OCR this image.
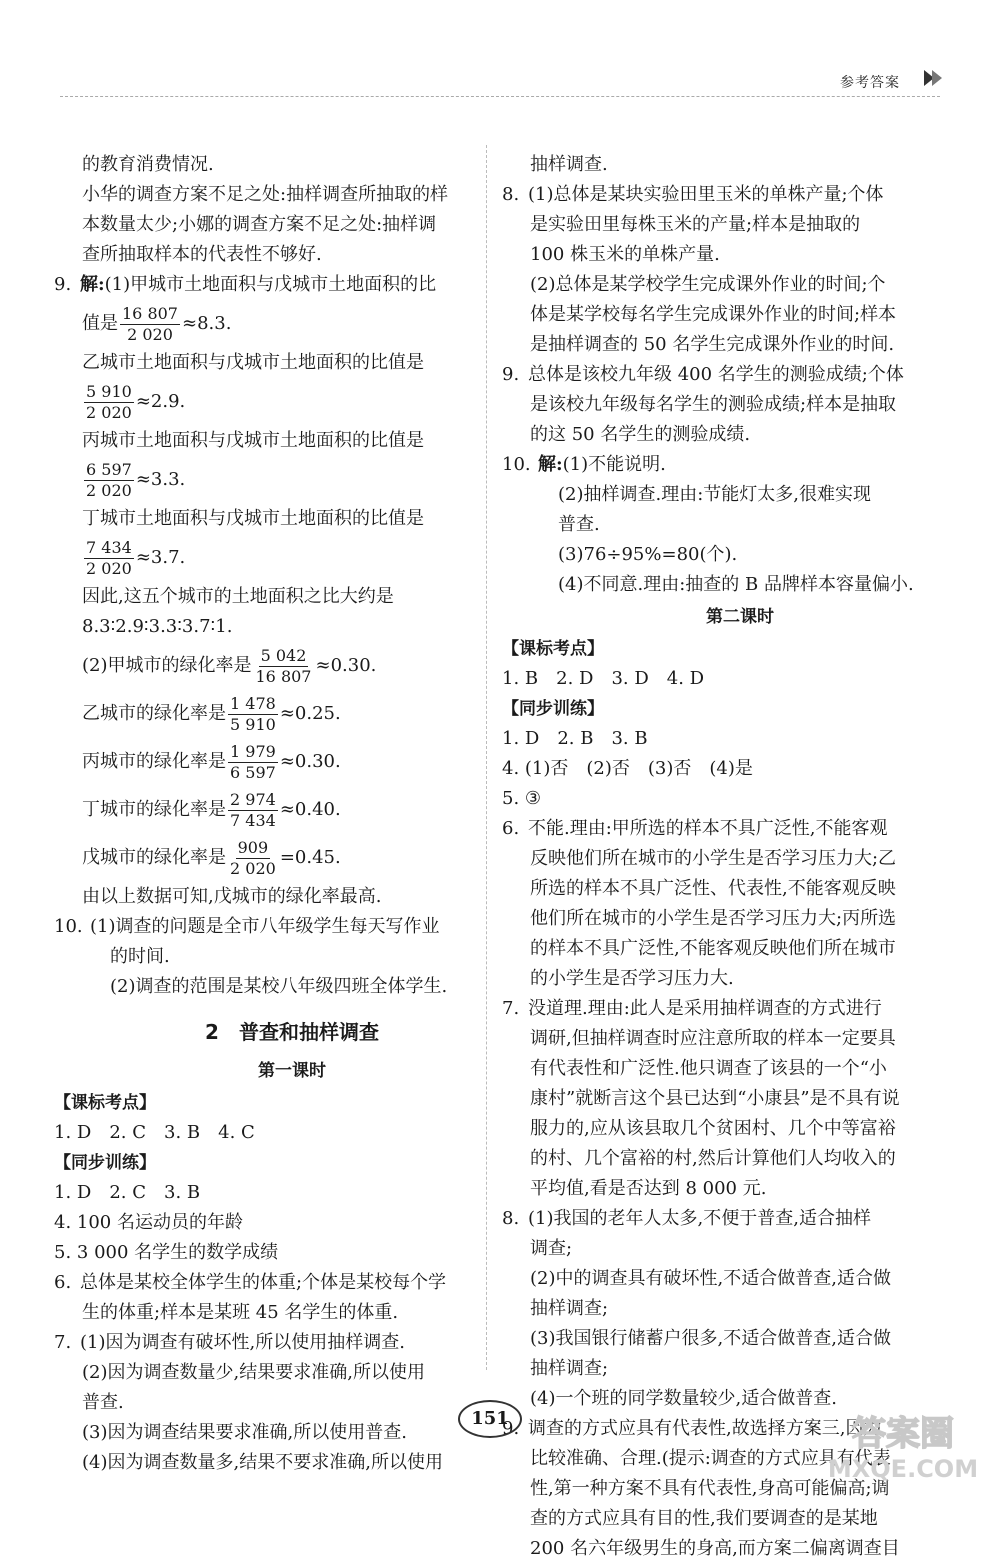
参考答案
的教育消费情况.
小华的调查方案不足之处:抽样调查所抽取的样
本数量太少;小娜的调查方案不足之处:抽样调
查所抽取样本的代表性不够好.
9. 解:(1)甲城市土地面积与戊城市土地面积的比
值是 $\frac{16 807}{2 020} \approx 8.3$.
乙城市土地面积与戊城市土地面积的比值是
$\frac{5 910}{2 020} \approx 2.9$.
丙城市土地面积与戊城市土地面积的比值是
$\frac{6 597}{2 020} \approx 3.3$.
丁城市土地面积与戊城市土地面积的比值是
$\frac{7 434}{2 020} \approx 3.7$.
因此,这五个城市的土地面积之比大约是
8.3∶2.9∶3.3∶3.7∶1.
(2)甲城市的绿化率是 $\frac{5 042}{16 807} \approx 0.30$.
乙城市的绿化率是 $\frac{1 478}{5 910} \approx 0.25$.
丙城市的绿化率是 $\frac{1 979}{6 597} \approx 0.30$.
丁城市的绿化率是 $\frac{2 974}{7 434} \approx 0.40$.
戊城市的绿化率是 $\frac{909}{2 020} =0.45$.
由以上数据可知,戊城市的绿化率最高.
10. (1)调查的问题是全市八年级学生每天写作业
的时间.
(2)调查的范围是某校八年级四班全体学生.
2　普查和抽样调查
第一课时
【课标考点】
1. D　2. C　3. B　4. C
【同步训练】
1. D　2. C　3. B
4. 100 名运动员的年龄
5. 3 000 名学生的数学成绩
6. 总体是某校全体学生的体重;个体是某校每个学
生的体重;样本是某班 45 名学生的体重.
7. (1)因为调查有破坏性,所以使用抽样调查.
(2)因为调查数量少,结果要求准确,所以使用
普查.
(3)因为调查结果要求准确,所以使用普查.
(4)因为调查数量多,结果不要求准确,所以使用
抽样调查.
8. (1)总体是某块实验田里玉米的单株产量;个体
是实验田里每株玉米的产量;样本是抽取的
100 株玉米的单株产量.
(2)总体是某学校学生完成课外作业的时间;个
体是某学校每名学生完成课外作业的时间;样本
是抽样调查的 50 名学生完成课外作业的时间.
9. 总体是该校九年级 400 名学生的测验成绩;个体
是该校九年级每名学生的测验成绩;样本是抽取
的这 50 名学生的测验成绩.
10. 解:(1)不能说明.
(2)抽样调查.理由:节能灯太多,很难实现
普查.
(3)76÷95%=80(个).
(4)不同意.理由:抽查的 B 品牌样本容量偏小.
第二课时
【课标考点】
1. B　2. D　3. D　4. D
【同步训练】
1. D　2. B　3. B
4. (1)否　(2)否　(3)否　(4)是
5. ③
6. 不能.理由:甲所选的样本不具广泛性,不能客观
反映他们所在城市的小学生是否学习压力大;乙
所选的样本不具广泛性、代表性,不能客观反映
他们所在城市的小学生是否学习压力大;丙所选
的样本不具广泛性,不能客观反映他们所在城市
的小学生是否学习压力大.
7. 没道理.理由:此人是采用抽样调查的方式进行
调研,但抽样调查时应注意所取的样本一定要具
有代表性和广泛性.他只调查了该县的一个“小
康村”就断言这个县已达到“小康县”是不具有说
服力的,应从该县取几个贫困村、几个中等富裕
的村、几个富裕的村,然后计算他们人均收入的
平均值,看是否达到 8 000 元.
8. (1)我国的老年人太多,不便于普查,适合抽样
调查;
(2)中的调查具有破坏性,不适合做普查,适合做
抽样调查;
(3)我国银行储蓄户很多,不适合做普查,适合做
抽样调查;
(4)一个班的同学数量较少,适合做普查.
9. 调查的方式应具有代表性,故选择方案三,因为
比较准确、合理.(提示:调查的方式应具有代表
性,第一种方案不具有代表性,身高可能偏高;调
查的方式应具有目的性,我们要调查的是某地
200 名六年级男生的身高,而方案二偏离调查目
151	答案圈
MXQE.COM
